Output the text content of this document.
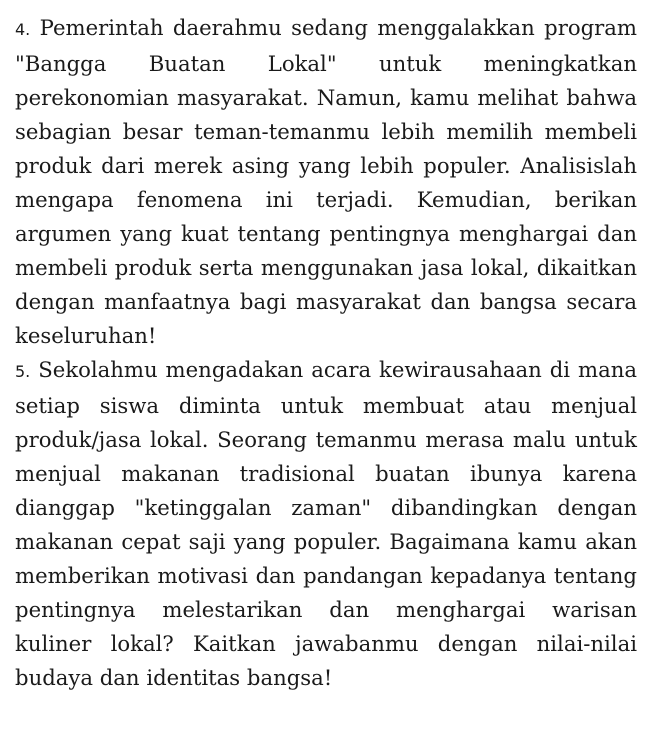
4. Pemerintah daerahmu sedang menggalakkan program "Bangga Buatan Lokal" untuk meningkatkan perekonomian masyarakat. Namun, kamu melihat bahwa sebagian besar teman-temanmu lebih memilih membeli produk dari merek asing yang lebih populer. Analisislah mengapa fenomena ini terjadi. Kemudian, berikan argumen yang kuat tentang pentingnya menghargai dan membeli produk serta menggunakan jasa lokal, dikaitkan dengan manfaatnya bagi masyarakat dan bangsa secara keseluruhan!

5. Sekolahmu mengadakan acara kewirausahaan di mana setiap siswa diminta untuk membuat atau menjual produk/jasa lokal. Seorang temanmu merasa malu untuk menjual makanan tradisional buatan ibunya karena dianggap "ketinggalan zaman" dibandingkan dengan makanan cepat saji yang populer. Bagaimana kamu akan memberikan motivasi dan pandangan kepadanya tentang pentingnya melestarikan dan menghargai warisan kuliner lokal? Kaitkan jawabanmu dengan nilai-nilai budaya dan identitas bangsa!
